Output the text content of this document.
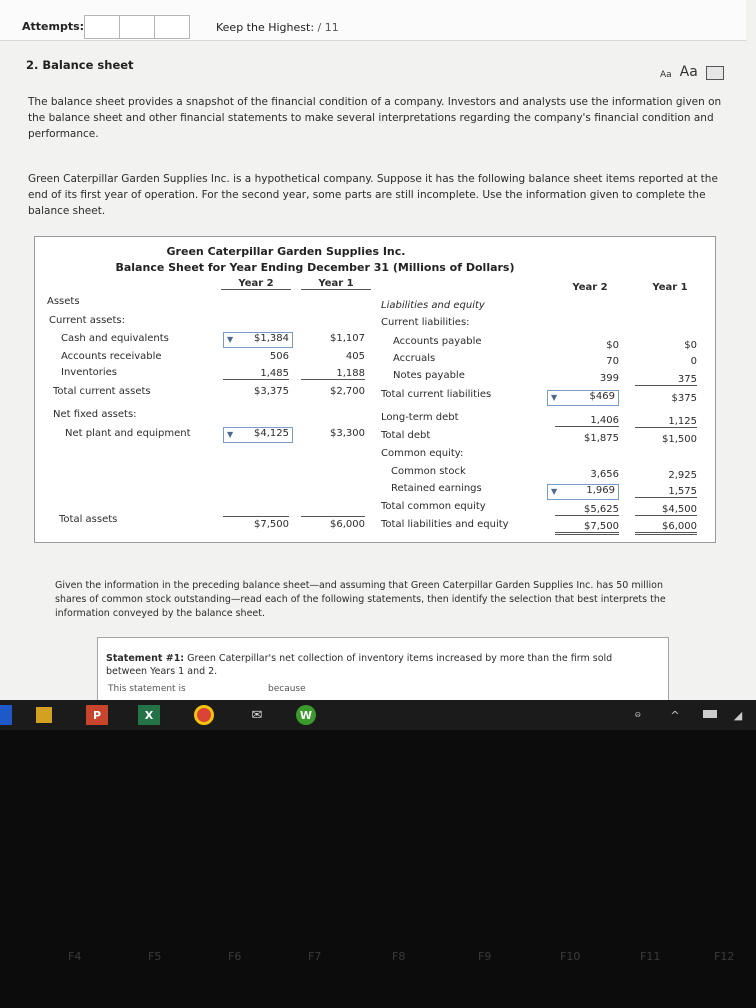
Attempts:	Keep the Highest: / 11
2. Balance sheet
Aa Aa
The balance sheet provides a snapshot of the financial condition of a company. Investors and analysts use the information given on the balance sheet and other financial statements to make several interpretations regarding the company's financial condition and performance.
Green Caterpillar Garden Supplies Inc. is a hypothetical company. Suppose it has the following balance sheet items reported at the end of its first year of operation. For the second year, some parts are still incomplete. Use the information given to complete the balance sheet.
Green Caterpillar Garden Supplies Inc.
Balance Sheet for Year Ending December 31 (Millions of Dollars)
Year 2	Year 1	Year 2	Year 1
Assets
Current assets:
Cash and equivalents	▼ $1,384	$1,107
Accounts receivable	506	405
Inventories	1,485	1,188
Total current assets	$3,375	$2,700
Net fixed assets:
Net plant and equipment	▼ $4,125	$3,300
Total assets	$7,500	$6,000
Liabilities and equity
Current liabilities:
Accounts payable	$0	$0
Accruals	70	0
Notes payable	399	375
Total current liabilities	▼	$469	$375
Long-term debt	1,406	1,125
Total debt	$1,875	$1,500
Common equity:
Common stock	3,656	2,925
Retained earnings	▼	1,969	1,575
Total common equity	$5,625	$4,500
Total liabilities and equity	$7,500	$6,000
Given the information in the preceding balance sheet—and assuming that Green Caterpillar Garden Supplies Inc. has 50 million shares of common stock outstanding—read each of the following statements, then identify the selection that best interprets the information conveyed by the balance sheet.
Statement #1: Green Caterpillar's net collection of inventory items increased by more than the firm sold between Years 1 and 2.
This statement is	because
P	X	✉	W	ဓ	^	◢
F4	F5	F6	F7	F8	F9	F10	F11	F12
